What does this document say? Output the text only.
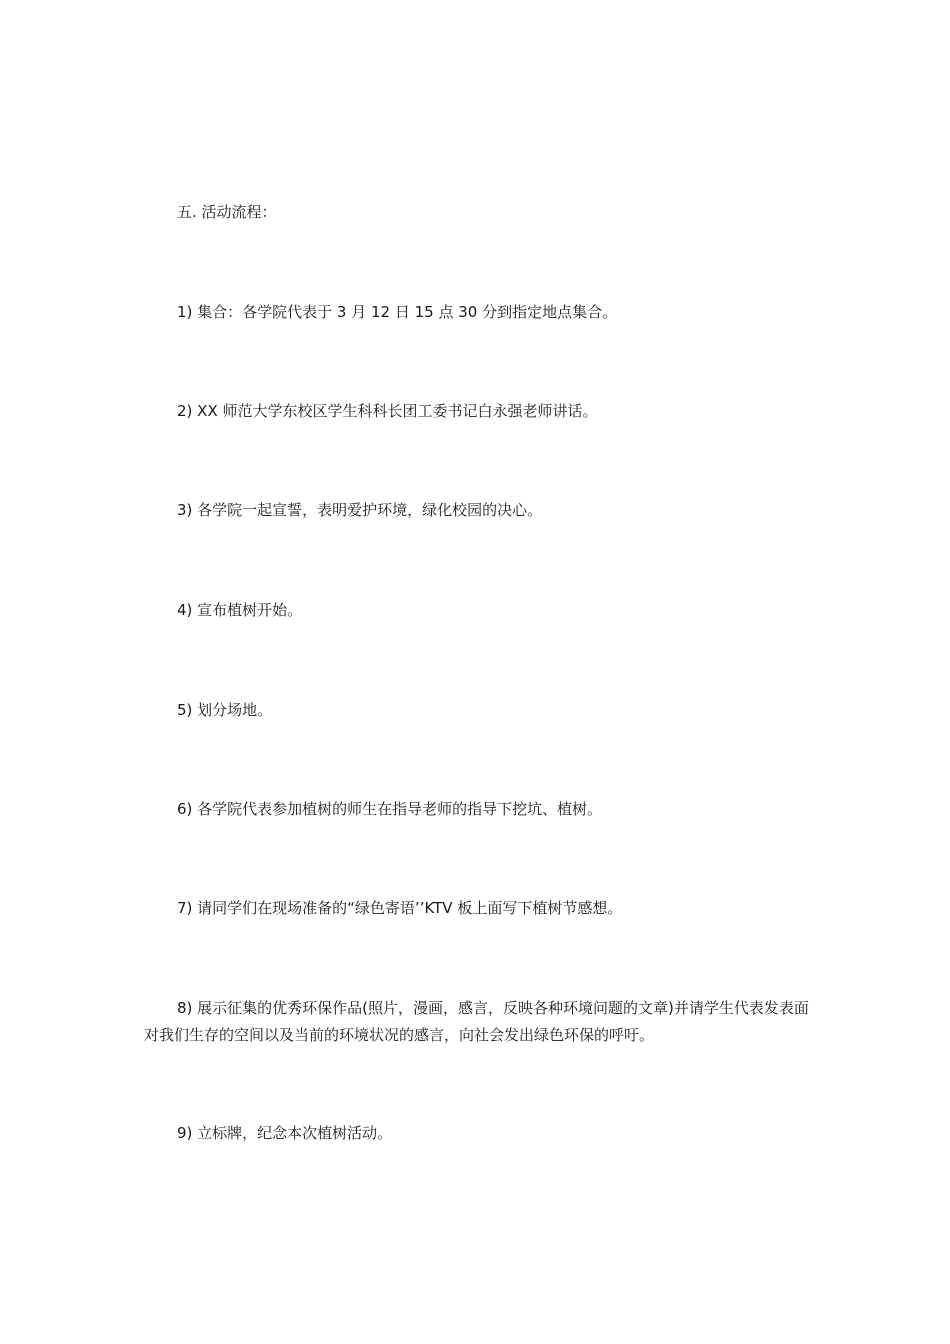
五. 活动流程：

1) 集合：各学院代表于 3 月 12 日 15 点 30 分到指定地点集合。

2) XX 师范大学东校区学生科科长团工委书记白永强老师讲话。

3) 各学院一起宣誓，表明爱护环境，绿化校园的决心。

4) 宣布植树开始。

5) 划分场地。

6) 各学院代表参加植树的师生在指导老师的指导下挖坑、植树。

7) 请同学们在现场准备的“绿色寄语’’KTV 板上面写下植树节感想。

8) 展示征集的优秀环保作品(照片，漫画，感言，反映各种环境问题的文章)并请学生代表发表面对我们生存的空间以及当前的环境状况的感言，向社会发出绿色环保的呼吁。

9) 立标牌，纪念本次植树活动。
